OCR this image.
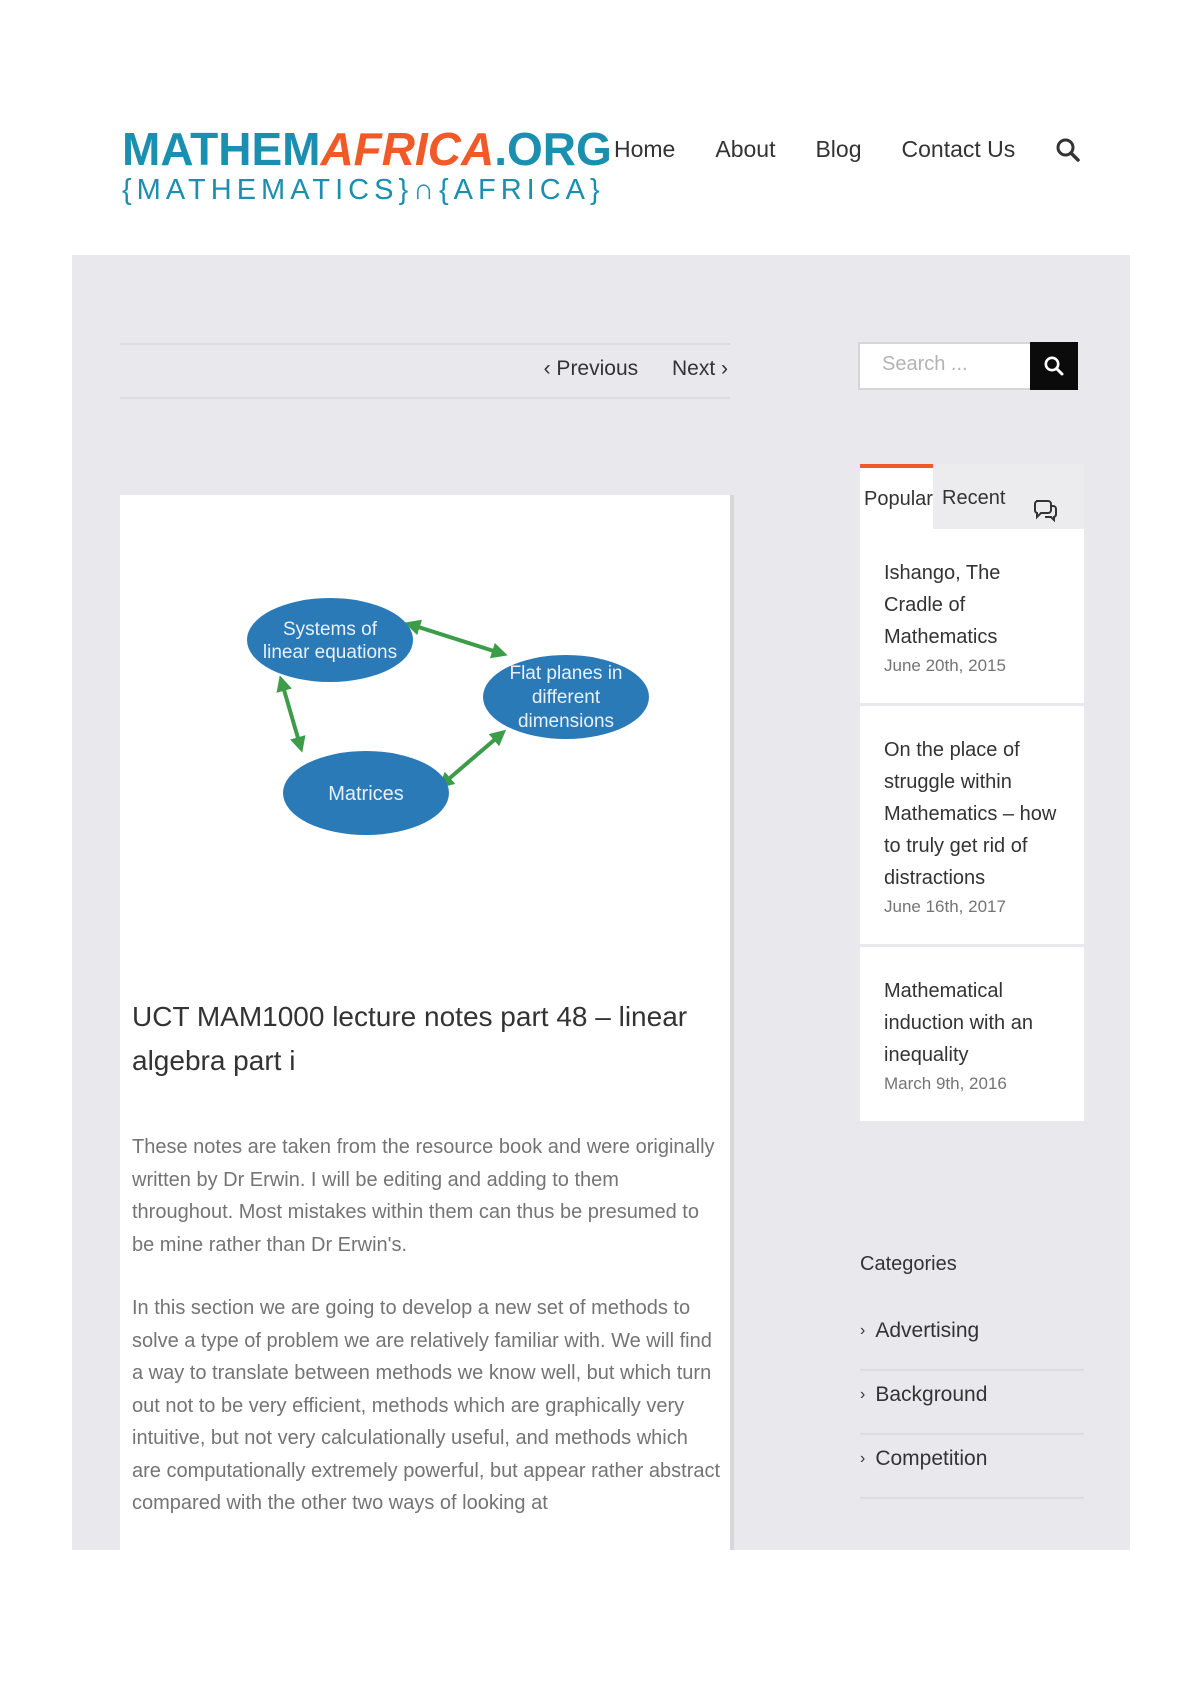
MATHEMAFRICA.ORG
{MATHEMATICS}∩{AFRICA}
Home About Blog Contact Us
‹ Previous Next ›
Systems of
linear equations
Flat planes in
different
dimensions
Matrices
UCT MAM1000 lecture notes part 48 – linear algebra part i

These notes are taken from the resource book and were originally written by Dr Erwin. I will be editing and adding to them throughout. Most mistakes within them can thus be presumed to be mine rather than Dr Erwin's.

In this section we are going to develop a new set of methods to solve a type of problem we are relatively familiar with. We will find a way to translate between methods we know well, but which turn out not to be very efficient, methods which are graphically very intuitive, but not very calculationally useful, and methods which are computationally extremely powerful, but appear rather abstract compared with the other two ways of looking at

Search ...
Popular Recent
Ishango, The Cradle of Mathematics
June 20th, 2015
On the place of struggle within Mathematics – how to truly get rid of distractions
June 16th, 2017
Mathematical induction with an inequality
March 9th, 2016
Categories
› Advertising
› Background
› Competition
